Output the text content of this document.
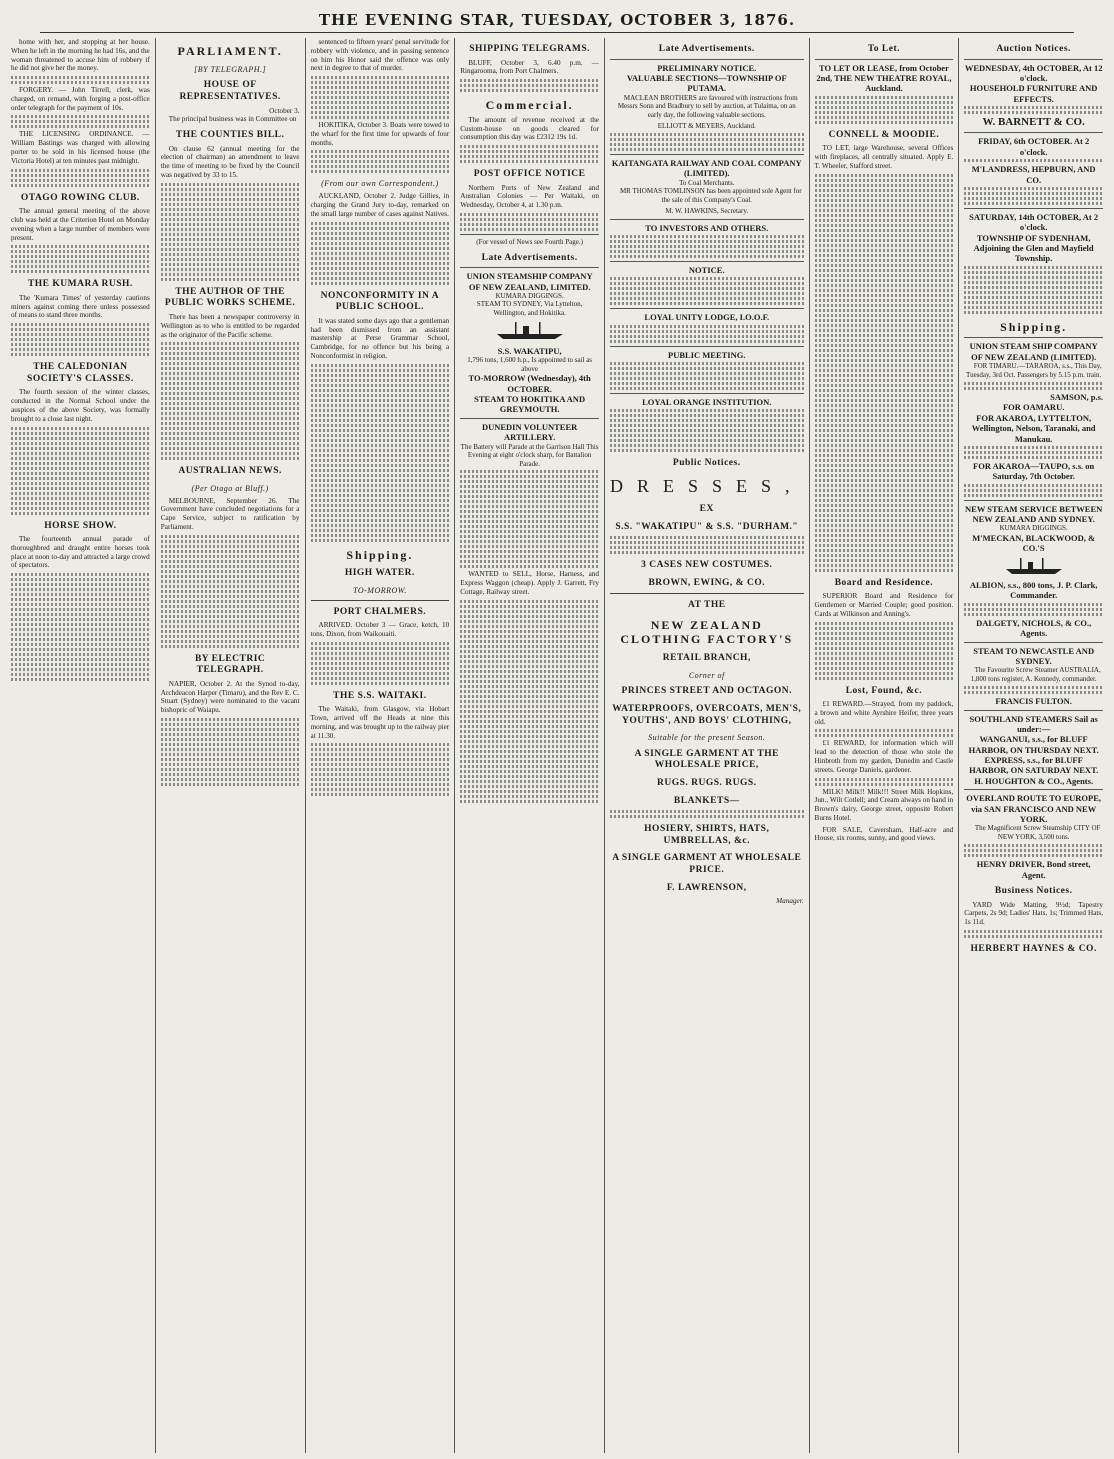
THE EVENING STAR, TUESDAY, OCTOBER 3, 1876.

home with her, and stopping at her house. When he left in the morning he had 16s, and the woman threatened to accuse him of robbery if he did not give her the money.

FORGERY. — John Tirrell, clerk, was charged, on remand, with forging a post-office order telegraph for the payment of 10s.

THE LICENSING ORDINANCE. — William Bastings was charged with allowing porter to be sold in his licensed house (the Victoria Hotel) at ten minutes past midnight.

OTAGO ROWING CLUB.

The annual general meeting of the above club was held at the Criterion Hotel on Monday evening when a large number of members were present.

THE KUMARA RUSH.

The 'Kumara Times' of yesterday cautions miners against coming there unless possessed of means to stand three months.

THE CALEDONIAN SOCIETY'S CLASSES.

The fourth session of the winter classes, conducted in the Normal School under the auspices of the above Society, was formally brought to a close last night.

HORSE SHOW.

The fourteenth annual parade of thoroughbred and draught entire horses took place at noon to-day and attracted a large crowd of spectators.

PARLIAMENT.
[BY TELEGRAPH.]
HOUSE OF REPRESENTATIVES.
October 3.

The principal business was in Committee on

THE COUNTIES BILL.

On clause 62 (annual meeting for the election of chairman) an amendment to leave the time of meeting to be fixed by the Council was negatived by 33 to 15.

THE AUTHOR OF THE PUBLIC WORKS SCHEME.

There has been a newspaper controversy in Wellington as to who is entitled to be regarded as the originator of the Pacific scheme.

AUSTRALIAN NEWS.
(Per Otago at Bluff.)

MELBOURNE, September 26. The Government have concluded negotiations for a Cape Service, subject to ratification by Parliament.

BY ELECTRIC TELEGRAPH.

NAPIER, October 2. At the Synod to-day, Archdeacon Harper (Timaru), and the Rev E. C. Stuart (Sydney) were nominated to the vacant bishopric of Waiapu.

sentenced to fifteen years' penal servitude for robbery with violence, and in passing sentence on him his Honor said the offence was only next in degree to that of murder.

HOKITIKA, October 3. Boats were towed to the wharf for the first time for upwards of four months.

(From our own Correspondent.)

AUCKLAND, October 2. Judge Gillies, in charging the Grand Jury to-day, remarked on the small large number of cases against Natives.

NONCONFORMITY IN A PUBLIC SCHOOL.

It was stated some days ago that a gentleman had been dismissed from an assistant mastership at Perse Grammar School, Cambridge, for no offence but his being a Nonconformist in religion.

Shipping.
HIGH WATER.
TO-MORROW.
PORT CHALMERS.

ARRIVED. October 3 — Grace, ketch, 10 tons, Dixon, from Waikouaiti.

THE S.S. WAITAKI.

The Waitaki, from Glasgow, via Hobart Town, arrived off the Heads at nine this morning, and was brought up to the railway pier at 11.30.

SHIPPING TELEGRAMS.

BLUFF, October 3, 6.40 p.m. — Ringarooma, from Port Chalmers.

Commercial.

The amount of revenue received at the Custom-house on goods cleared for consumption this day was £2312 19s 1d.

POST OFFICE NOTICE

Northern Ports of New Zealand and Australian Colonies — Per Waitaki, on Wednesday, October 4, at 1.30 p.m.

(For vessel of News see Fourth Page.)
Late Advertisements.
UNION STEAMSHIP COMPANY OF NEW ZEALAND, LIMITED.
KUMARA DIGGINGS.
STEAM TO SYDNEY, Via Lyttelton, Wellington, and Hokitika.
S.S. WAKATIPU,
1,796 tons, 1,600 h.p., Is appointed to sail as above
TO-MORROW (Wednesday), 4th OCTOBER.
STEAM TO HOKITIKA AND GREYMOUTH.
DUNEDIN VOLUNTEER ARTILLERY.
The Battery will Parade at the Garrison Hall This Evening at eight o'clock sharp, for Battalion Parade.

WANTED to SELL, Horse, Harness, and Express Waggon (cheap). Apply J. Garrett, Fry Cottage, Railway street.

Late Advertisements.
PRELIMINARY NOTICE.
VALUABLE SECTIONS—TOWNSHIP OF PUTAMA.

MACLEAN BROTHERS are favoured with instructions from Messrs Sonn and Bradbury to sell by auction, at Tulaima, on an early day, the following valuable sections.

ELLIOTT & MEYERS, Auckland.
KAITANGATA RAILWAY AND COAL COMPANY (LIMITED).
To Coal Merchants.

MR THOMAS TOMLINSON has been appointed sole Agent for the sale of this Company's Coal.

M. W. HAWKINS, Secretary.
TO INVESTORS AND OTHERS.
NOTICE.
LOYAL UNITY LODGE, I.O.O.F.
PUBLIC MEETING.
LOYAL ORANGE INSTITUTION.
Public Notices.
DRESSES,
EX
S.S. "WAKATIPU" & S.S. "DURHAM."
3 CASES NEW COSTUMES.
BROWN, EWING, & CO.
AT THE
NEW ZEALAND CLOTHING FACTORY'S
RETAIL BRANCH,
Corner of
PRINCES STREET AND OCTAGON.
WATERPROOFS, OVERCOATS, MEN'S, YOUTHS', AND BOYS' CLOTHING,
Suitable for the present Season.
A SINGLE GARMENT AT THE WHOLESALE PRICE,
RUGS. RUGS. RUGS.
BLANKETS—
HOSIERY, SHIRTS, HATS, UMBRELLAS, &c.
A SINGLE GARMENT AT WHOLESALE PRICE.
F. LAWRENSON,
Manager.
To Let.
TO LET OR LEASE, from October 2nd, THE NEW THEATRE ROYAL, Auckland.
CONNELL & MOODIE.

TO LET, large Warehouse, several Offices with fireplaces, all centrally situated. Apply E. T. Wheeler, Stafford street.

Board and Residence.

SUPERIOR Board and Residence for Gentlemen or Married Couple; good position. Cards at Wilkinson and Anning's.

Lost, Found, &c.

£1 REWARD.—Strayed, from my paddock, a brown and white Ayrshire Heifer, three years old.

£1 REWARD, for information which will lead to the detection of those who stole the Hinbroth from my garden, Dunedin and Castle streets. George Daniels, gardener.

MILK! Milk!! Milk!!! Street Milk Hopkins, Jun., Wilt Cotlell; and Cream always on hand in Brown's dairy, George street, opposite Robert Burns Hotel.

FOR SALE, Caversham, Half-acre and House, six rooms, sunny, and good views.

Auction Notices.
WEDNESDAY, 4th OCTOBER, At 12 o'clock.
HOUSEHOLD FURNITURE AND EFFECTS.
W. BARNETT & CO.
FRIDAY, 6th OCTOBER. At 2 o'clock.
M'LANDRESS, HEPBURN, AND CO.
SATURDAY, 14th OCTOBER, At 2 o'clock.
TOWNSHIP OF SYDENHAM, Adjoining the Glen and Mayfield Township.
Shipping.
UNION STEAM SHIP COMPANY OF NEW ZEALAND (LIMITED).

FOR TIMARU.—TARAROA, s.s., This Day, Tuesday, 3rd Oct. Passengers by 5.15 p.m. train.

SAMSON, p.s.
FOR OAMARU.
FOR AKAROA, LYTTELTON, Wellington, Nelson, Taranaki, and Manukau.
FOR AKAROA—TAUPO, s.s. on Saturday, 7th October.
NEW STEAM SERVICE BETWEEN NEW ZEALAND AND SYDNEY.
KUMARA DIGGINGS.
M'MECKAN, BLACKWOOD, & CO.'S
ALBION, s.s., 800 tons, J. P. Clark, Commander.
DALGETY, NICHOLS, & CO., Agents.
STEAM TO NEWCASTLE AND SYDNEY.

The Favourite Screw Steamer AUSTRALIA, 1,800 tons register, A. Kennedy, commander.

FRANCIS FULTON.
SOUTHLAND STEAMERS Sail as under:—
WANGANUI, s.s., for BLUFF HARBOR, ON THURSDAY NEXT.
EXPRESS, s.s., for BLUFF HARBOR, ON SATURDAY NEXT.
H. HOUGHTON & CO., Agents.
OVERLAND ROUTE TO EUROPE, via SAN FRANCISCO AND NEW YORK.

The Magnificent Screw Steamship CITY OF NEW YORK, 3,500 tons.

HENRY DRIVER, Bond street, Agent.
Business Notices.

YARD Wide Matting, 9½d; Tapestry Carpets, 2s 9d; Ladies' Hats, 1s; Trimmed Hats, 1s 11d.

HERBERT HAYNES & CO.
